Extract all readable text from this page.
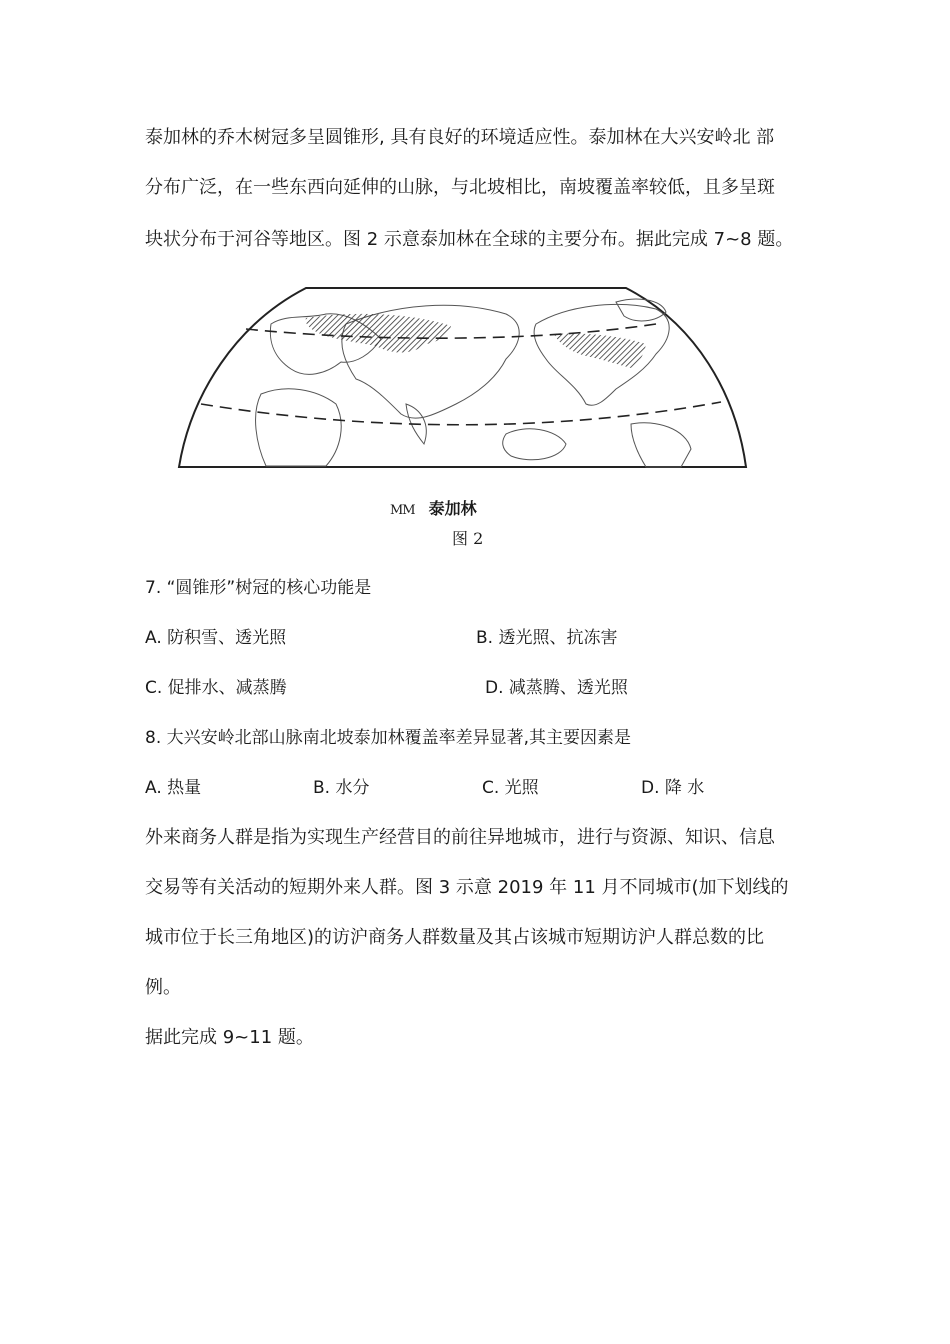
泰加林的乔木树冠多呈圆锥形, 具有良好的环境适应性。泰加林在大兴安岭北 部
分布广泛，在一些东西向延伸的山脉，与北坡相比，南坡覆盖率较低，且多呈斑
块状分布于河谷等地区。图 2 示意泰加林在全球的主要分布。据此完成 7~8 题。
ΜΜ 泰加林
图 2
7. “圆锥形”树冠的核心功能是
A. 防积雪、透光照	B. 透光照、抗冻害
C. 促排水、减蒸腾	D. 减蒸腾、透光照
8. 大兴安岭北部山脉南北坡泰加林覆盖率差异显著,其主要因素是
A. 热量	B. 水分	C. 光照	D. 降 水
外来商务人群是指为实现生产经营目的前往异地城市，进行与资源、知识、信息
交易等有关活动的短期外来人群。图 3 示意 2019 年 11 月不同城市(加下划线的
城市位于长三角地区)的访沪商务人群数量及其占该城市短期访沪人群总数的比
例。
据此完成 9~11 题。
